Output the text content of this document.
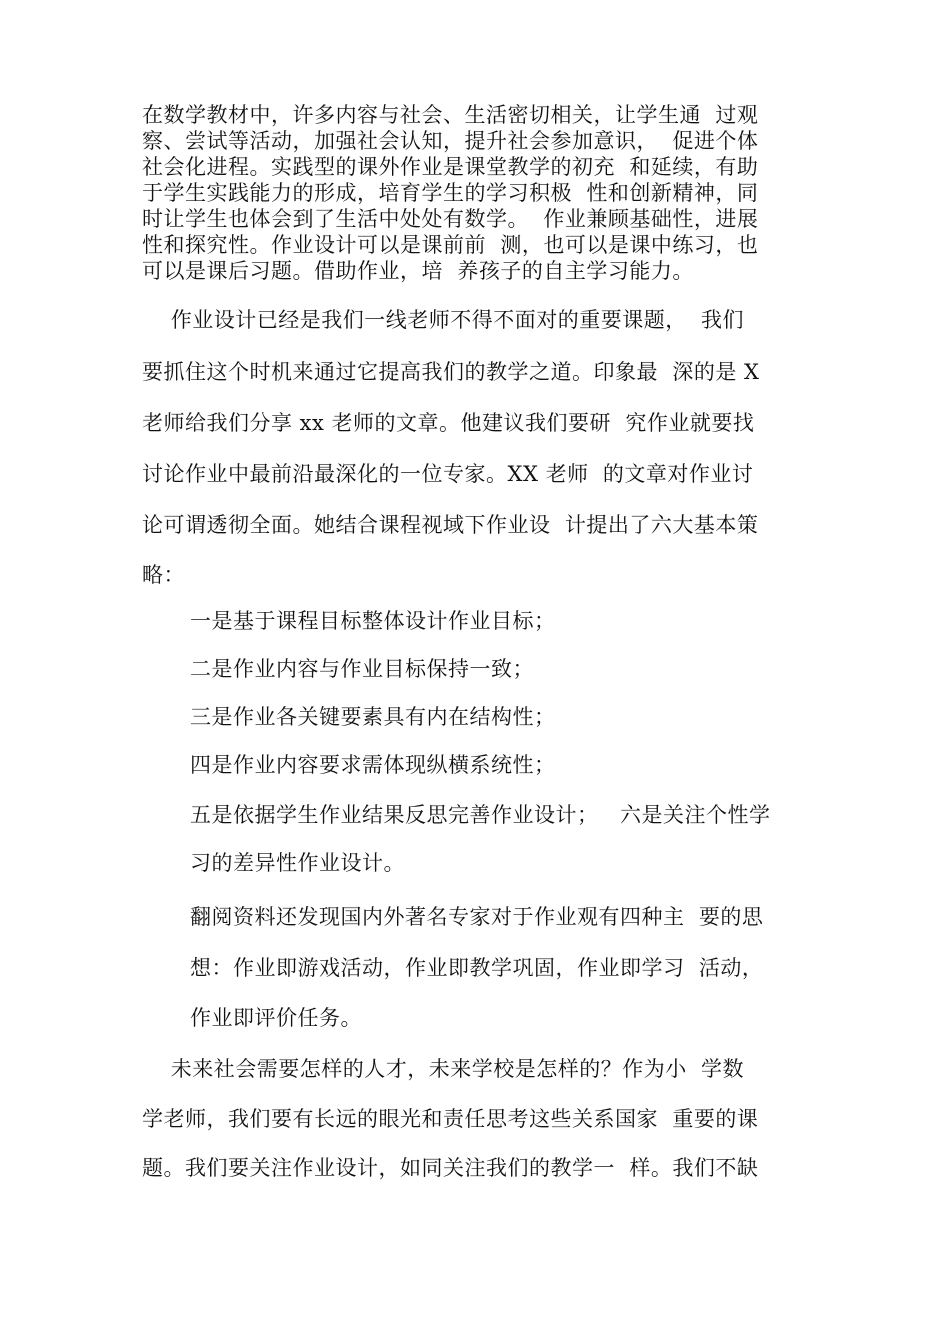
在数学教材中，许多内容与社会、生活密切相关，让学生通  过观
察、尝试等活动，加强社会认知，提升社会参加意识，  促进个体
社会化进程。实践型的课外作业是课堂教学的初充  和延续，有助
于学生实践能力的形成，培育学生的学习积极  性和创新精神，同
时让学生也体会到了生活中处处有数学。  作业兼顾基础性，进展
性和探究性。作业设计可以是课前前  测，也可以是课中练习，也
可以是课后习题。借助作业，培  养孩子的自主学习能力。
作业设计已经是我们一线老师不得不面对的重要课题，  我们
要抓住这个时机来通过它提高我们的教学之道。印象最  深的是 X
老师给我们分享 xx 老师的文章。他建议我们要研  究作业就要找
讨论作业中最前沿最深化的一位专家。XX 老师  的文章对作业讨
论可谓透彻全面。她结合课程视域下作业设  计提出了六大基本策
略：
一是基于课程目标整体设计作业目标；
二是作业内容与作业目标保持一致；
三是作业各关键要素具有内在结构性；
四是作业内容要求需体现纵横系统性；
五是依据学生作业结果反思完善作业设计；   六是关注个性学
习的差异性作业设计。
翻阅资料还发现国内外著名专家对于作业观有四种主  要的思
想：作业即游戏活动，作业即教学巩固，作业即学习  活动，
作业即评价任务。
未来社会需要怎样的人才，未来学校是怎样的？作为小  学数
学老师，我们要有长远的眼光和责任思考这些关系国家  重要的课
题。我们要关注作业设计，如同关注我们的教学一  样。我们不缺
